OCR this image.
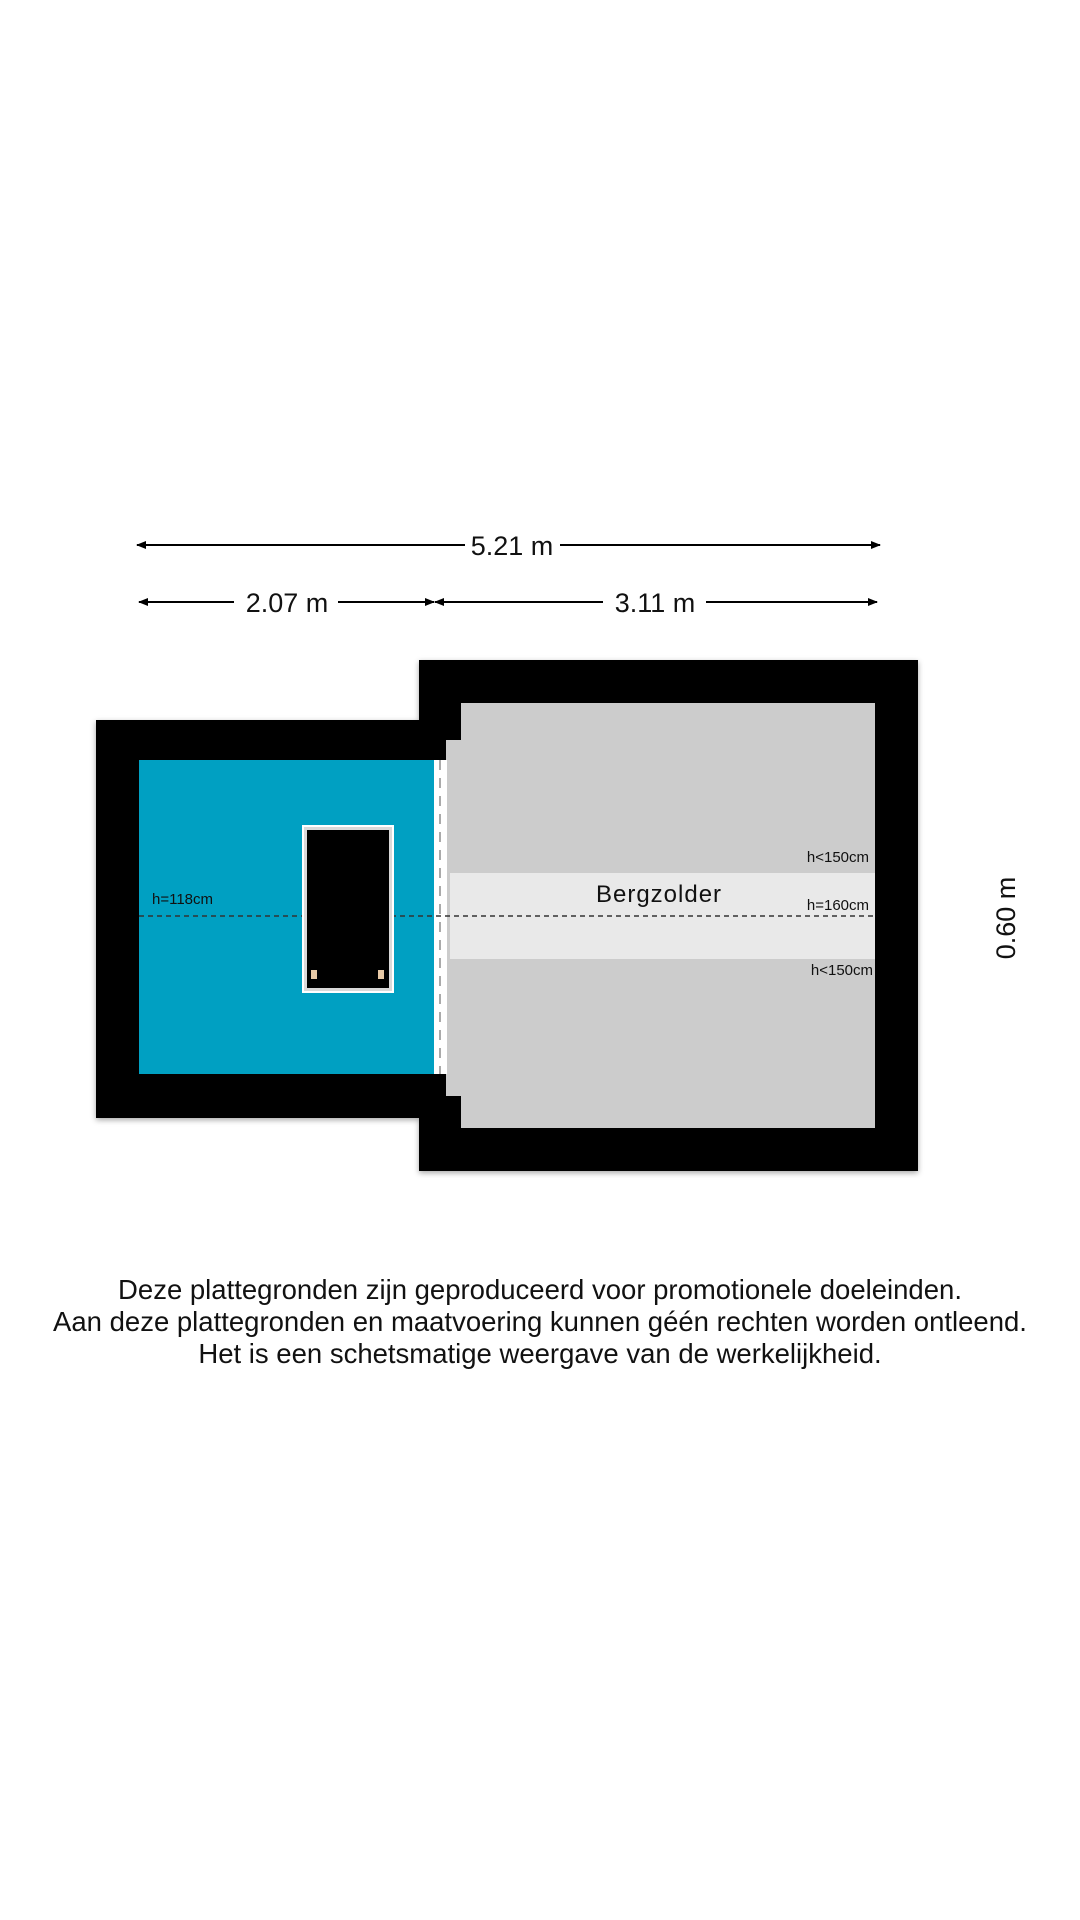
5.21 m
2.07 m	3.11 m
0.60 m
Bergzolder
h=118cm
h<150cm
h=160cm
h<150cm
Deze plattegronden zijn geproduceerd voor promotionele doeleinden.
Aan deze plattegronden en maatvoering kunnen géén rechten worden ontleend.
Het is een schetsmatige weergave van de werkelijkheid.
